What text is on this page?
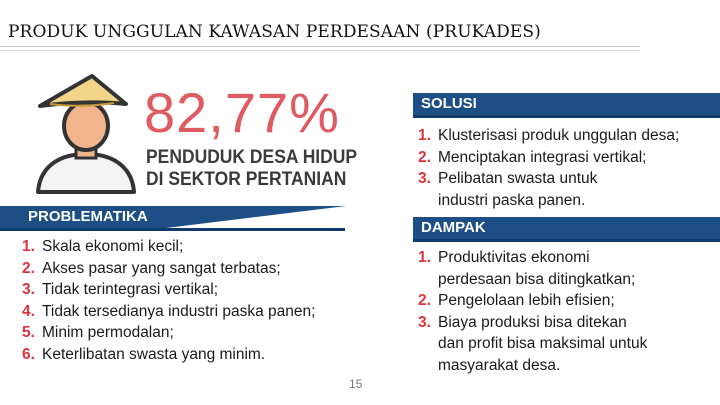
PRODUK UNGGULAN KAWASAN PERDESAAN (PRUKADES)
82,77%
PENDUDUK DESA HIDUP
DI SEKTOR PERTANIAN
PROBLEMATIKA
1. Skala ekonomi kecil;
2. Akses pasar yang sangat terbatas;
3. Tidak terintegrasi vertikal;
4. Tidak tersedianya industri paska panen;
5. Minim permodalan;
6. Keterlibatan swasta yang minim.
SOLUSI
1. Klusterisasi produk unggulan desa;
2. Menciptakan integrasi vertikal;
3. Pelibatan swasta untuk
industri paska panen.
DAMPAK
1. Produktivitas ekonomi
perdesaan bisa ditingkatkan;
2. Pengelolaan lebih efisien;
3. Biaya produksi bisa ditekan
dan profit bisa maksimal untuk
masyarakat desa.
15
